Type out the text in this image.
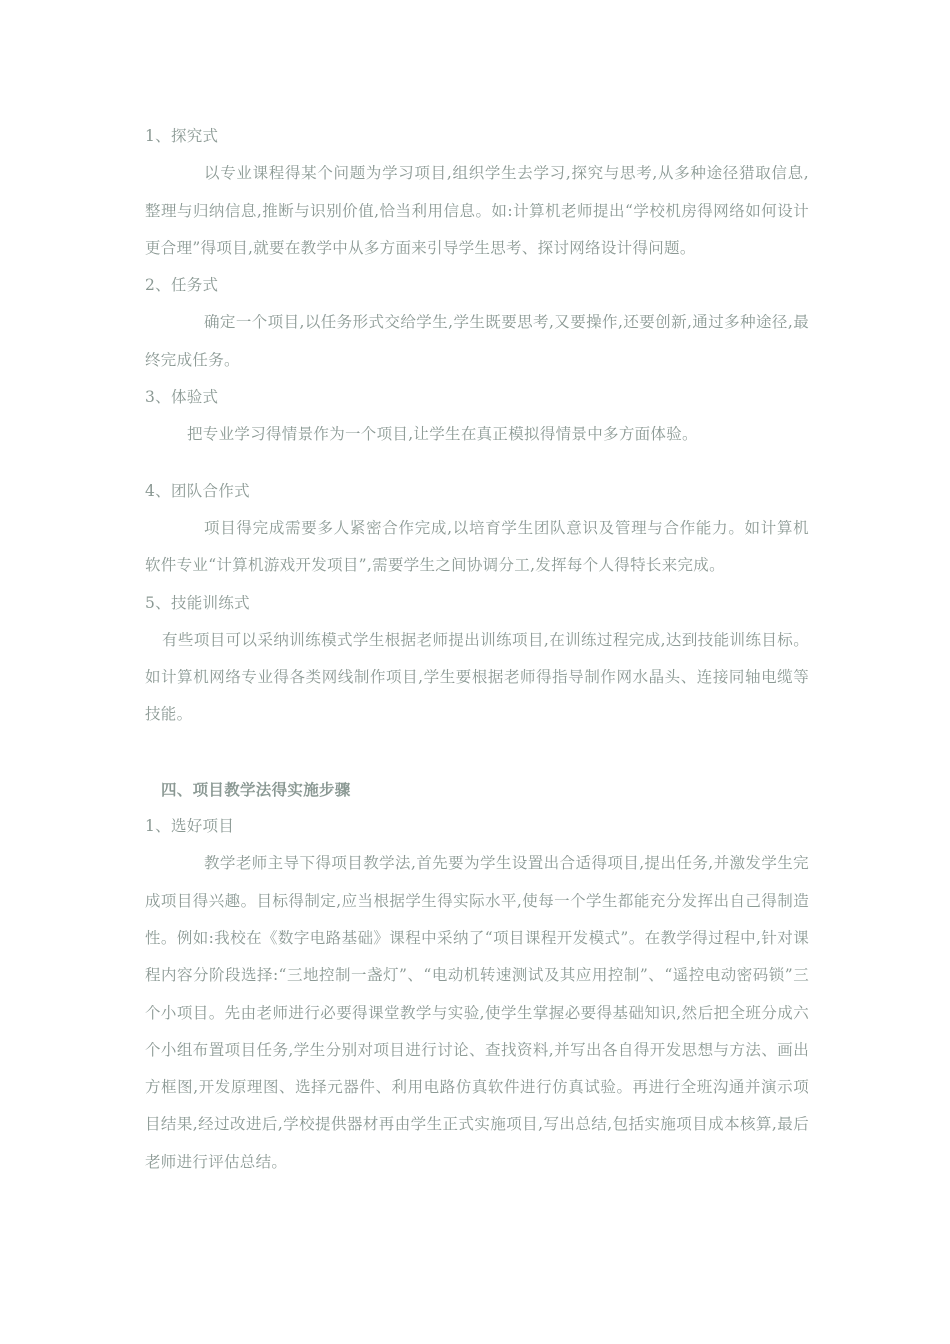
1、探究式

以专业课程得某个问题为学习项目,组织学生去学习,探究与思考,从多种途径猎取信息,整理与归纳信息,推断与识别价值,恰当利用信息。如:计算机老师提出“学校机房得网络如何设计更合理”得项目,就要在教学中从多方面来引导学生思考、探讨网络设计得问题。

2、任务式

确定一个项目,以任务形式交给学生,学生既要思考,又要操作,还要创新,通过多种途径,最终完成任务。

3、体验式

把专业学习得情景作为一个项目,让学生在真正模拟得情景中多方面体验。

4、团队合作式

项目得完成需要多人紧密合作完成,以培育学生团队意识及管理与合作能力。如计算机软件专业“计算机游戏开发项目”,需要学生之间协调分工,发挥每个人得特长来完成。

5、技能训练式

有些项目可以采纳训练模式学生根据老师提出训练项目,在训练过程完成,达到技能训练目标。如计算机网络专业得各类网线制作项目,学生要根据老师得指导制作网水晶头、连接同轴电缆等技能。

四、项目教学法得实施步骤
1、选好项目

教学老师主导下得项目教学法,首先要为学生设置出合适得项目,提出任务,并激发学生完成项目得兴趣。目标得制定,应当根据学生得实际水平,使每一个学生都能充分发挥出自己得制造性。例如:我校在《数字电路基础》课程中采纳了“项目课程开发模式”。在教学得过程中,针对课程内容分阶段选择:“三地控制一盏灯”、“电动机转速测试及其应用控制”、“遥控电动密码锁”三个小项目。先由老师进行必要得课堂教学与实验,使学生掌握必要得基础知识,然后把全班分成六个小组布置项目任务,学生分别对项目进行讨论、查找资料,并写出各自得开发思想与方法、画出方框图,开发原理图、选择元器件、利用电路仿真软件进行仿真试验。再进行全班沟通并演示项目结果,经过改进后,学校提供器材再由学生正式实施项目,写出总结,包括实施项目成本核算,最后老师进行评估总结。
